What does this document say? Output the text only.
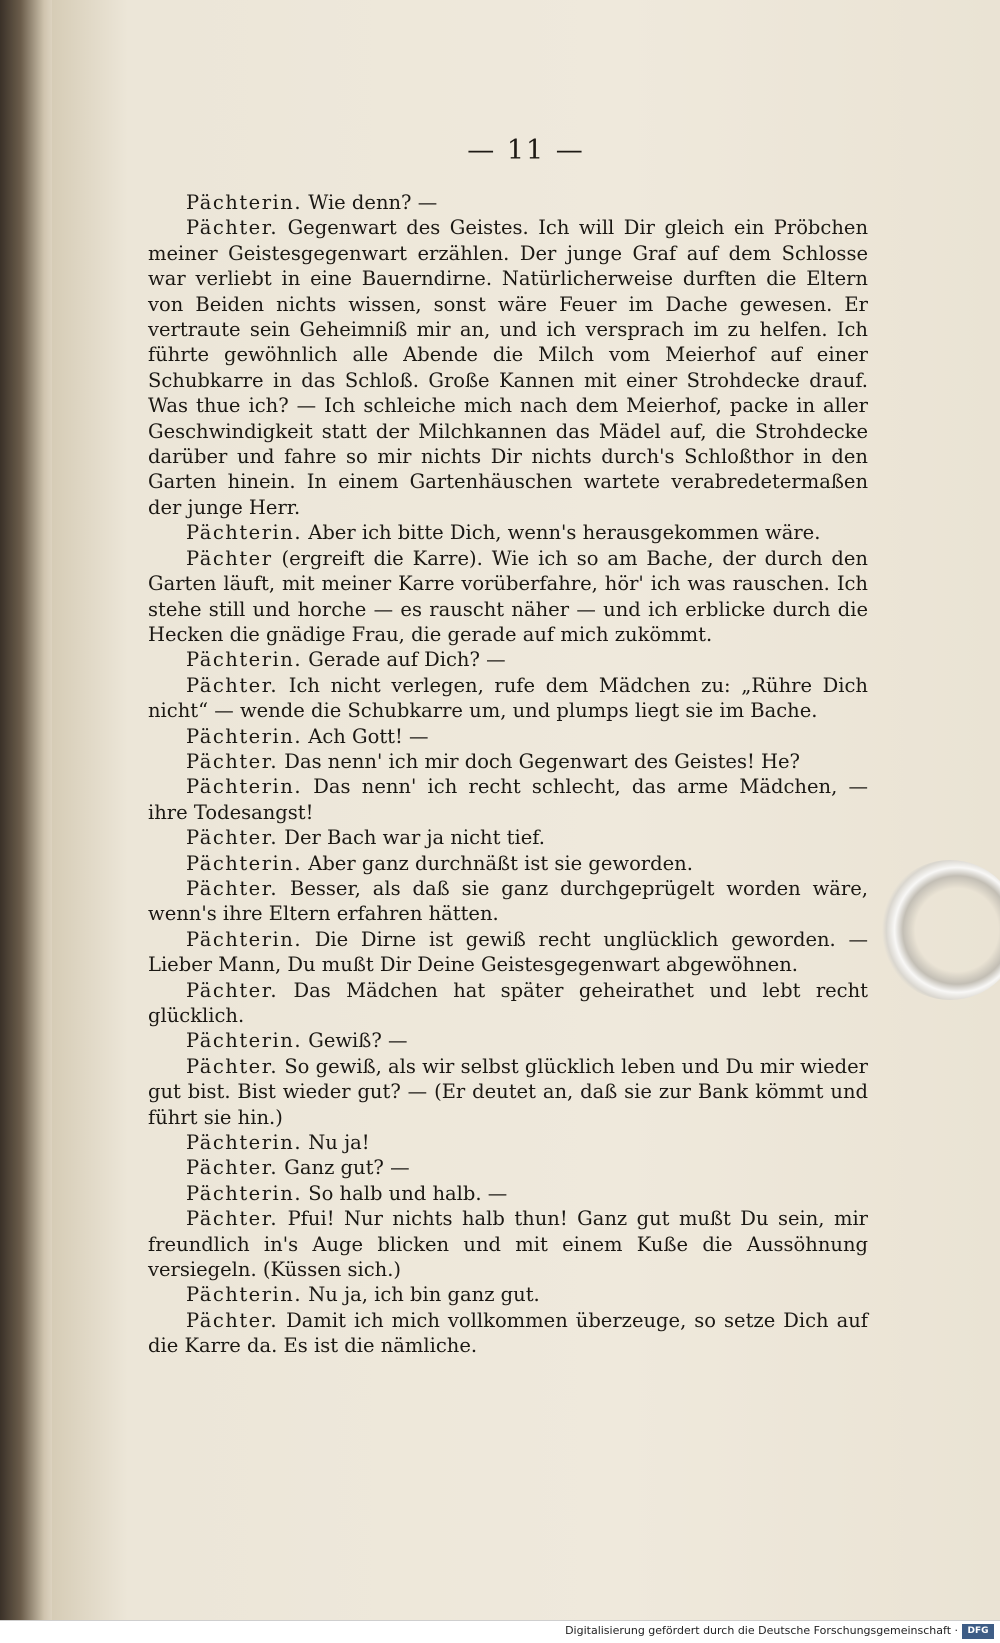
— 11 —

Pächterin. Wie denn? —

Pächter. Gegenwart des Geistes. Ich will Dir gleich ein Pröbchen meiner Geistesgegenwart erzählen. Der junge Graf auf dem Schlosse war verliebt in eine Bauerndirne. Natürlicherweise durften die Eltern von Beiden nichts wissen, sonst wäre Feuer im Dache gewesen. Er vertraute sein Geheimniß mir an, und ich versprach im zu helfen. Ich führte gewöhnlich alle Abende die Milch vom Meierhof auf einer Schubkarre in das Schloß. Große Kannen mit einer Strohdecke drauf. Was thue ich? — Ich schleiche mich nach dem Meierhof, packe in aller Geschwindigkeit statt der Milchkannen das Mädel auf, die Strohdecke darüber und fahre so mir nichts Dir nichts durch's Schloßthor in den Garten hinein. In einem Gartenhäuschen wartete verabredetermaßen der junge Herr.

Pächterin. Aber ich bitte Dich, wenn's herausgekommen wäre.

Pächter (ergreift die Karre). Wie ich so am Bache, der durch den Garten läuft, mit meiner Karre vorüberfahre, hör' ich was rauschen. Ich stehe still und horche — es rauscht näher — und ich erblicke durch die Hecken die gnädige Frau, die gerade auf mich zukömmt.

Pächterin. Gerade auf Dich? —

Pächter. Ich nicht verlegen, rufe dem Mädchen zu: „Rühre Dich nicht“ — wende die Schubkarre um, und plumps liegt sie im Bache.

Pächterin. Ach Gott! —

Pächter. Das nenn' ich mir doch Gegenwart des Geistes! He?

Pächterin. Das nenn' ich recht schlecht, das arme Mädchen, — ihre Todesangst!

Pächter. Der Bach war ja nicht tief.

Pächterin. Aber ganz durchnäßt ist sie geworden.

Pächter. Besser, als daß sie ganz durchgeprügelt worden wäre, wenn's ihre Eltern erfahren hätten.

Pächterin. Die Dirne ist gewiß recht unglücklich geworden. — Lieber Mann, Du mußt Dir Deine Geistesgegenwart abgewöhnen.

Pächter. Das Mädchen hat später geheirathet und lebt recht glücklich.

Pächterin. Gewiß? —

Pächter. So gewiß, als wir selbst glücklich leben und Du mir wieder gut bist. Bist wieder gut? — (Er deutet an, daß sie zur Bank kömmt und führt sie hin.)

Pächterin. Nu ja!

Pächter. Ganz gut? —

Pächterin. So halb und halb. —

Pächter. Pfui! Nur nichts halb thun! Ganz gut mußt Du sein, mir freundlich in's Auge blicken und mit einem Kuße die Aussöhnung versiegeln. (Küssen sich.)

Pächterin. Nu ja, ich bin ganz gut.

Pächter. Damit ich mich vollkommen überzeuge, so setze Dich auf die Karre da. Es ist die nämliche.

Digitalisierung gefördert durch die Deutsche Forschungsgemeinschaft ·	DFG
